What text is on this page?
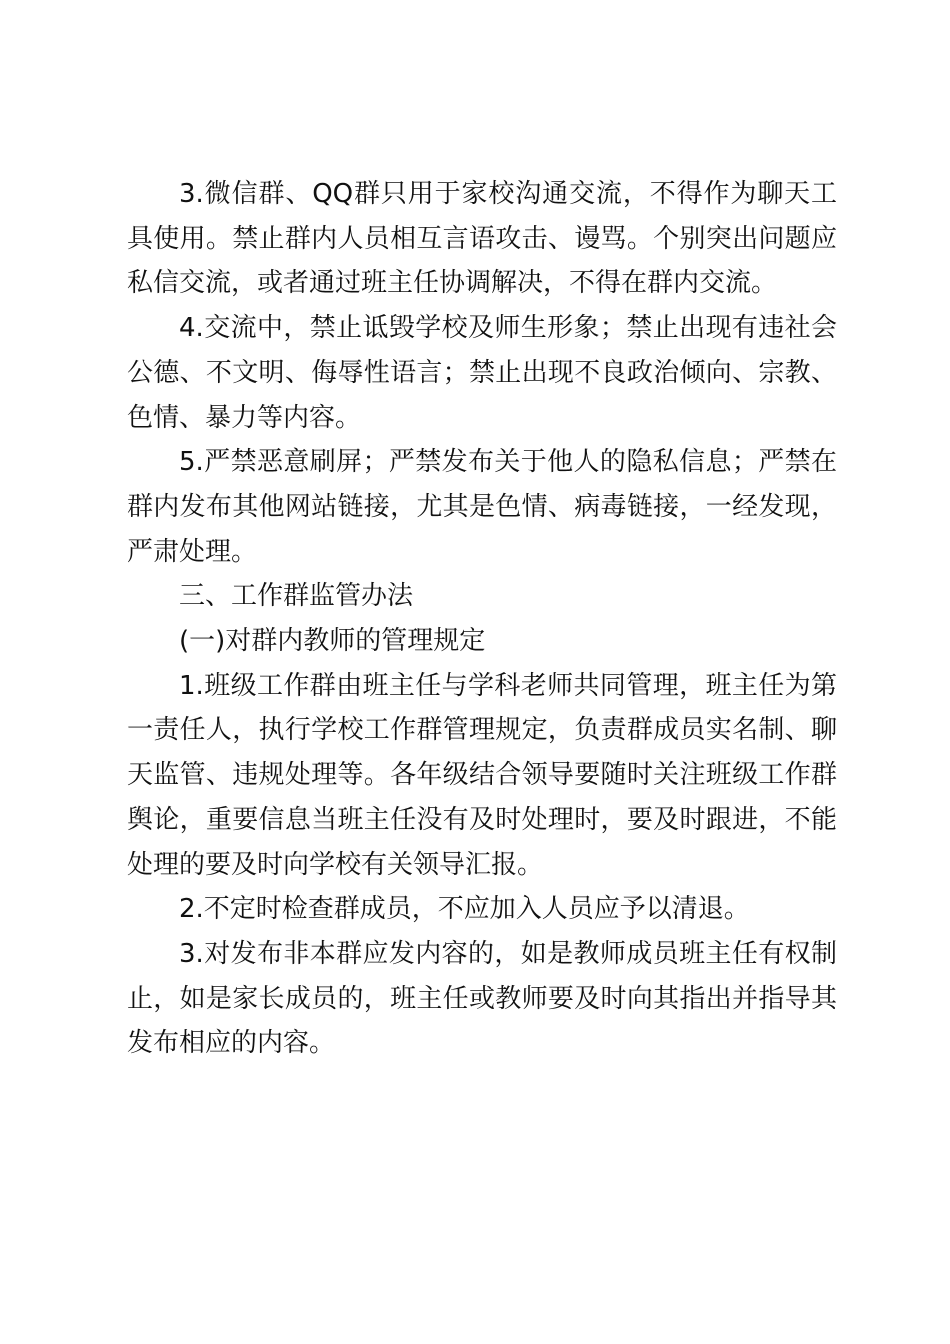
3.微信群、QQ群只用于家校沟通交流，不得作为聊天工具使用。禁止群内人员相互言语攻击、谩骂。个别突出问题应私信交流，或者通过班主任协调解决，不得在群内交流。

4.交流中，禁止诋毁学校及师生形象；禁止出现有违社会公德、不文明、侮辱性语言；禁止出现不良政治倾向、宗教、色情、暴力等内容。

5.严禁恶意刷屏；严禁发布关于他人的隐私信息；严禁在群内发布其他网站链接，尤其是色情、病毒链接，一经发现，严肃处理。

三、工作群监管办法

(一)对群内教师的管理规定

1.班级工作群由班主任与学科老师共同管理，班主任为第一责任人，执行学校工作群管理规定，负责群成员实名制、聊天监管、违规处理等。各年级结合领导要随时关注班级工作群舆论，重要信息当班主任没有及时处理时，要及时跟进，不能处理的要及时向学校有关领导汇报。

2.不定时检查群成员，不应加入人员应予以清退。

3.对发布非本群应发内容的，如是教师成员班主任有权制止，如是家长成员的，班主任或教师要及时向其指出并指导其发布相应的内容。
